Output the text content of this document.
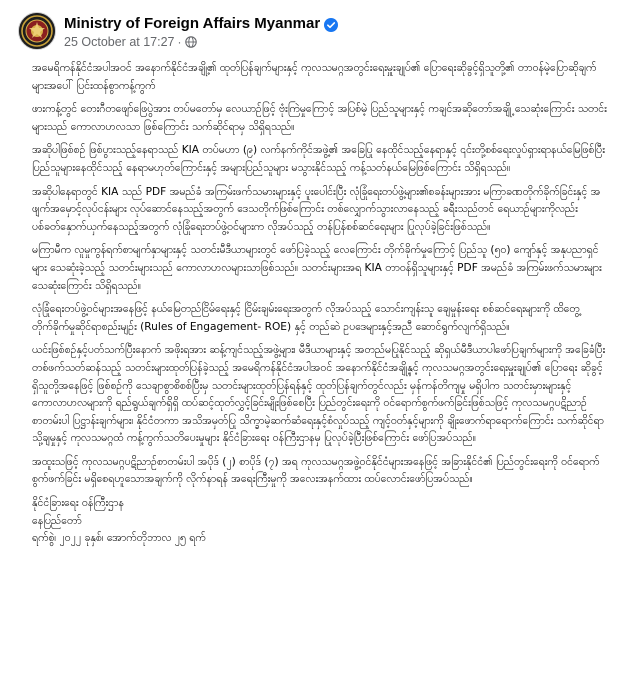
Ministry of Foreign Affairs Myanmar
25 October at 17:27 ·

အမေရိကန်နိုင်ငံအပါအဝင် အနောက်နိုင်ငံအချို့၏ ထုတ်ပြန်ချက်များနှင့် ကုလသမဂ္ဂအတွင်းရေးမှူးချုပ်၏ ပြောရေးဆိုခွင့်ရှိသူတို့၏ တာဝန်မဲ့ပြောဆိုချက်များအပေါ် ပြင်းထန်စွာကန့်ကွက်

ဖားကန့်တွင် တေးဂီတဖျော်ဖြေပွဲအား တပ်မတော်မှ လေယာဉ်ဖြင့် ဗုံးကြဲမှုကြောင့် အပြစ်မဲ့ ပြည်သူများနှင့် ကချင်အဆိုတော်အချို့ သေဆုံးကြောင်း သတင်းများသည် ကောလာဟလသာ ဖြစ်ကြောင်း သက်ဆိုင်ရာမှ သိရှိရသည်။

အဆိုပါဖြစ်စဉ် ဖြစ်ပွားသည့်နေရာသည် KIA တပ်မဟာ (၉) လက်နက်ကိုင်အဖွဲ့၏ အခြေပြု နေထိုင်သည့်နေရာနှင့် ၎င်းတို့စစ်ရေးလှုပ်ရှားရာနယ်မြေဖြစ်ပြီး ပြည်သူများနေထိုင်သည့် နေရာမဟုတ်ကြောင်းနှင့် အများပြည်သူများ မသွားနိုင်သည့် ကန့်သတ်နယ်မြေဖြစ်ကြောင်း သိရှိရသည်။

အဆိုပါနေရာတွင် KIA သည် PDF အမည်ခံ အကြမ်းဖက်သမားများနှင့် ပူးပေါင်းပြီး လုံခြုံရေးတပ်ဖွဲ့များ၏စခန်းများအား မကြာခဏတိုက်ခိုက်ခြင်းနှင့် အဖျက်အမှောင့်လုပ်ငန်းများ လုပ်ဆောင်နေသည့်အတွက် ဒေသတိုက်ဖြစ်ကြောင်း တစ်လျှောက်သွားလာနေသည့် ခရီးသည်တင် ရေယာဉ်များကိုလည်း ပစ်ခတ်နှောက်ယှက်နေသည့်အတွက် လုံခြုံရေးတပ်ဖွဲ့ဝင်များက လိုအပ်သည့် တန်ပြန်စစ်ဆင်ရေးများ ပြုလုပ်ခဲ့ခြင်းဖြစ်သည်။

မကြာမီက လူမှုကွန်ရက်စာမျက်နှာများနှင့် သတင်းမီဒီယာများတွင် ဖော်ပြခဲ့သည့် လေကြောင်း တိုက်ခိုက်မှုကြောင့် ပြည်သူ (၅၀) ကျော်နှင့် အနုပညာရှင်များ သေဆုံးခဲ့သည့် သတင်းများသည် ကောလာဟလများသာဖြစ်သည်။ သတင်းများအရ KIA တာဝန်ရှိသူများနှင့် PDF အမည်ခံ အကြမ်းဖက်သမားများ သေဆုံးကြောင်း သိရှိရသည်။

လုံခြုံရေးတပ်ဖွဲ့ဝင်များအနေဖြင့် နယ်မြေတည်ငြိမ်ရေးနှင့် ငြိမ်းချမ်းရေးအတွက် လိုအပ်သည့် သောင်းကျန်းသူ ချေမှုန်းရေး စစ်ဆင်ရေးများကို ထိတွေ့တိုက်ခိုက်မှုဆိုင်ရာစည်းမျဉ်း (Rules of Engagement- ROE) နှင့် တည်ဆဲ ဥပဒေများနှင့်အညီ ဆောင်ရွက်လျက်ရှိသည်။

ယင်းဖြစ်စဉ်နှင့်ပတ်သက်ပြီးနောက် အဖိုးရအား ဆန့်ကျင်သည့်အဖွဲ့များ၊ မီဒီယာများနှင့် အတည်မပြုနိုင်သည့် ဆိုရှယ်မီဒီယာပါဖော်ပြချက်များကို အခြေခံပြီး တစ်ဖက်သတ်ဆန်သည့် သတင်းများထုတ်ပြန်ခဲ့သည့် အမေရိကန်နိုင်ငံအပါအဝင် အနောက်နိုင်ငံအချို့နှင့် ကုလသမဂ္ဂအတွင်းရေးမှူးချုပ်၏ ပြောရေး ဆိုခွင့်ရှိသူတို့အနေဖြင့် ဖြစ်စဉ်ကို သေချာစွာစိစစ်ပြီးမှ သတင်းများထုတ်ပြန်ရန်နှင့် ထုတ်ပြန်ချက်တွင်လည်း မှန်ကန်တိကျမှု မရှိပါက သတင်းမှားများနှင့် ကောလာဟလများကို ရည်ရွယ်ချက်ရှိရှိ ထပ်ဆင့်ထုတ်လွှင့်ခြင်းမျိုးဖြစ်စေပြီး ပြည်တွင်းရေးကို ဝင်ရောက်စွက်ဖက်ခြင်းဖြစ်သဖြင့် ကုလသမဂ္ဂပဋိညာဉ်စာတမ်းပါ ပြဋ္ဌာန်းချက်များ၊ နိုင်ငံတကာ အသိအမှတ်ပြု သိက္ခာမဲ့ဆက်ဆံရေးနှင့်စံလှုပ်သည့် ကျင့်ဝတ်နှင့်များကို ချိုးဖောက်ရာရောက်ကြောင်း သက်ဆိုင်ရာသို့ချမှုနှင့် ကုလသမဂ္ဂထံ ကန့်ကွက်သတိပေးမှုများ နိုင်ငံခြားရေး ဝန်ကြီးဌာနမှ ပြုလုပ်ခဲ့ပြီးဖြစ်ကြောင်း ဖော်ပြအပ်သည်။

အထူးသဖြင့် ကုလသမဂ္ဂပဋိညာဉ်စာတမ်းပါ အပိုဒ် (၂) စာပိုဒ် (၇) အရ ကုလသမဂ္ဂအဖွဲ့ဝင်နိုင်ငံများအနေဖြင့် အခြားနိုင်ငံ၏ ပြည်တွင်းရေးကို ဝင်ရောက်စွက်ဖက်ခြင်း မရှိစေရဟူသောအချက်ကို လိုက်နာရန် အရေးကြီးမှုကို အလေးအနက်ထား ထပ်လောင်းဖော်ပြအပ်သည်။

နိုင်ငံခြားရေး ဝန်ကြီးဌာန
နေပြည်တော်
ရက်စွဲ၊ ၂၀၂၂ ခုနှစ်၊ အောက်တိုဘာလ ၂၅ ရက်
